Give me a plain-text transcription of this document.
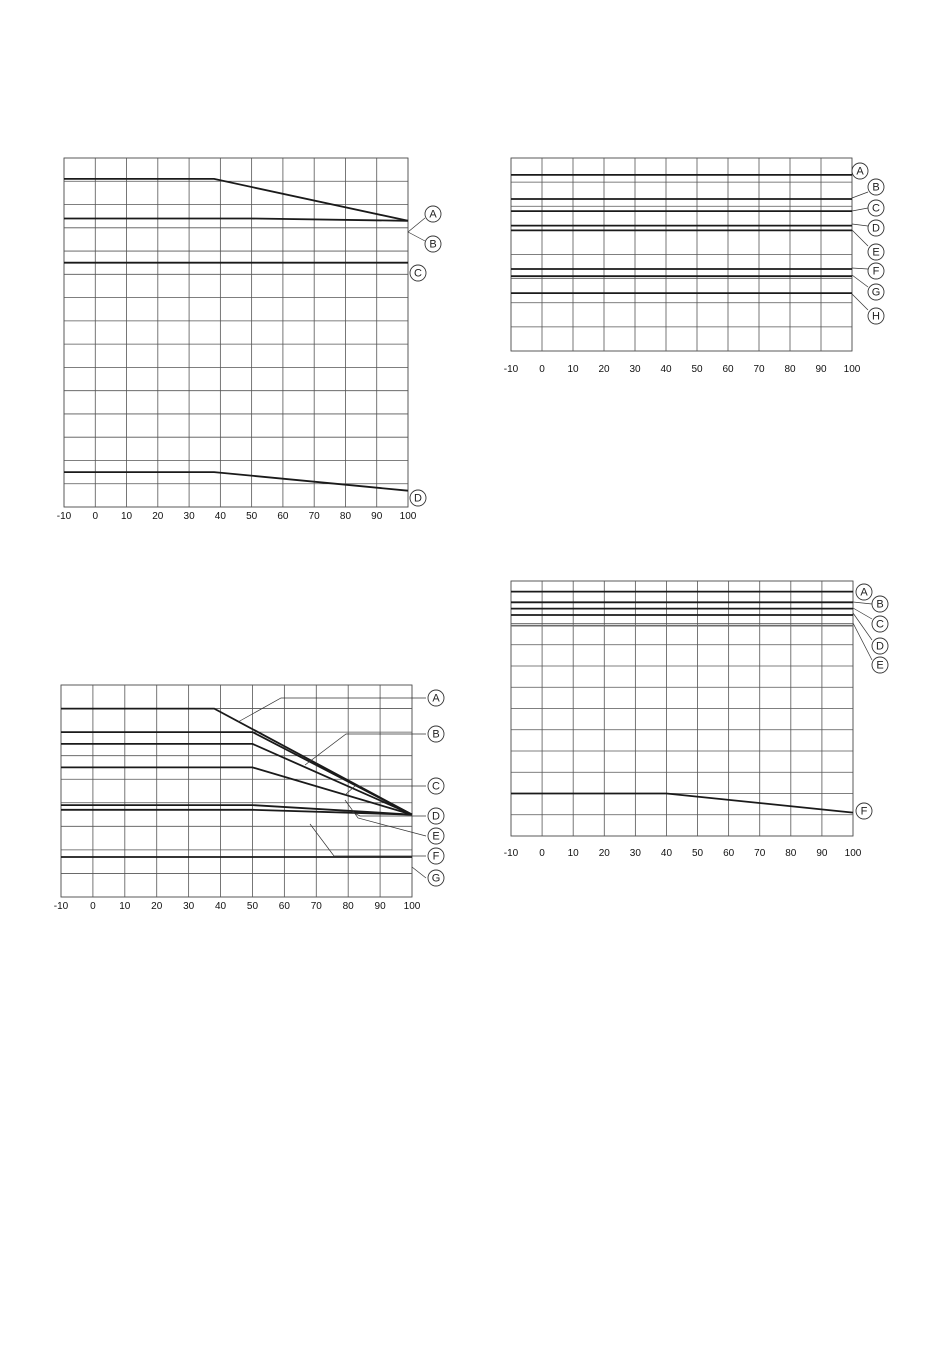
-10 0 10 20 30 40 50 60 70 80 90 100
A
B
C
D
-10 0 10 20 30 40 50 60 70 80 90 100
A
B
C
D
E
F
G
H
-10 0 10 20 30 40 50 60 70 80 90 100
A
B
C
D
E
F
G
-10 0 10 20 30 40 50 60 70 80 90 100
A
B
C
D
E
F
